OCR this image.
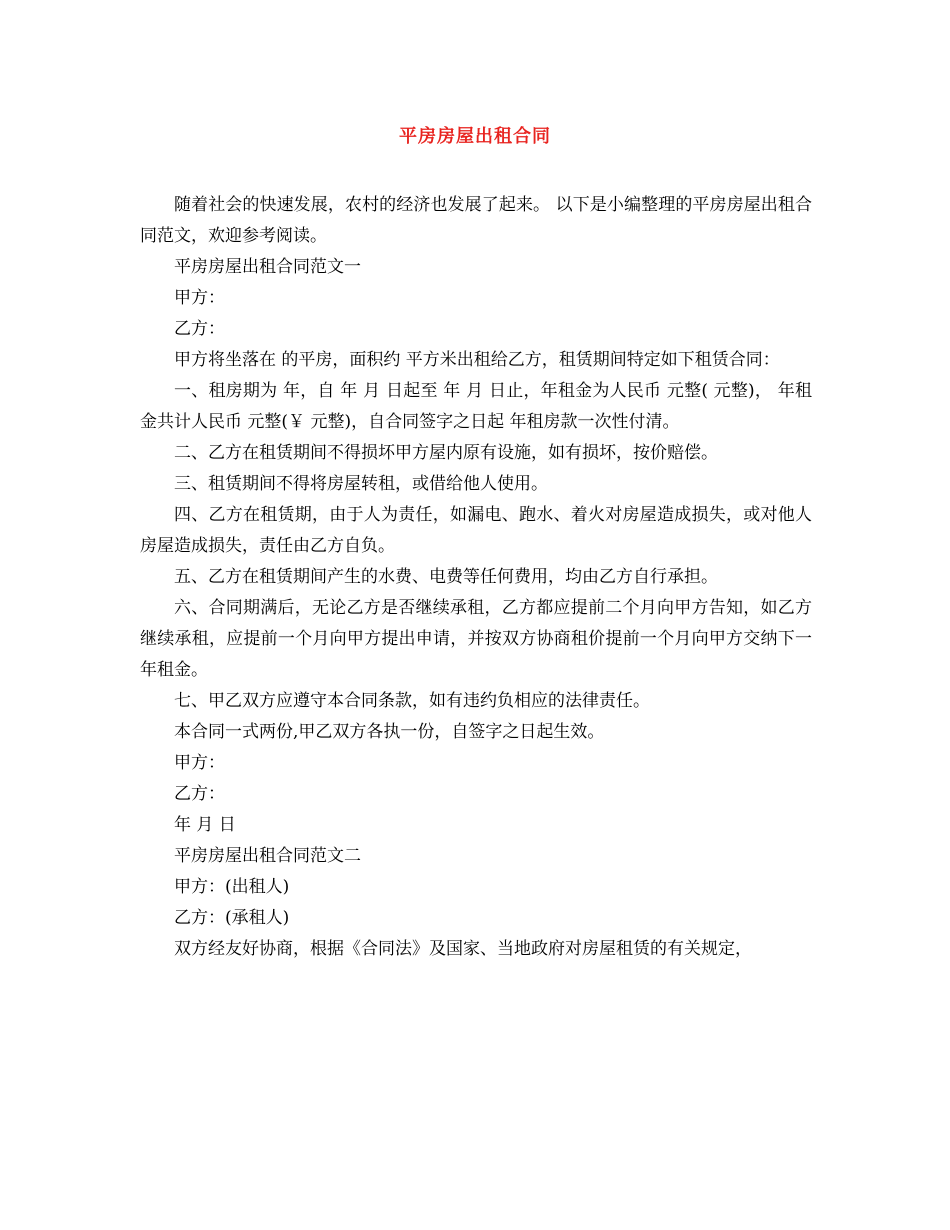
平房房屋出租合同

随着社会的快速发展，农村的经济也发展了起来。 以下是小编整理的平房房屋出租合同范文，欢迎参考阅读。

平房房屋出租合同范文一

甲方：

乙方：

甲方将坐落在 的平房，面积约 平方米出租给乙方，租赁期间特定如下租赁合同：

一、租房期为 年，自 年 月 日起至 年 月 日止，年租金为人民币 元整( 元整)， 年租金共计人民币 元整(￥ 元整)，自合同签字之日起 年租房款一次性付清。

二、乙方在租赁期间不得损坏甲方屋内原有设施，如有损坏，按价赔偿。

三、租赁期间不得将房屋转租，或借给他人使用。

四、乙方在租赁期，由于人为责任，如漏电、跑水、着火对房屋造成损失，或对他人房屋造成损失，责任由乙方自负。

五、乙方在租赁期间产生的水费、电费等任何费用，均由乙方自行承担。

六、合同期满后，无论乙方是否继续承租，乙方都应提前二个月向甲方告知，如乙方继续承租，应提前一个月向甲方提出申请，并按双方协商租价提前一个月向甲方交纳下一年租金。

七、甲乙双方应遵守本合同条款，如有违约负相应的法律责任。

本合同一式两份,甲乙双方各执一份，自签字之日起生效。

甲方：

乙方：

年 月 日

平房房屋出租合同范文二

甲方：(出租人)

乙方：(承租人)

双方经友好协商，根据《合同法》及国家、当地政府对房屋租赁的有关规定，
